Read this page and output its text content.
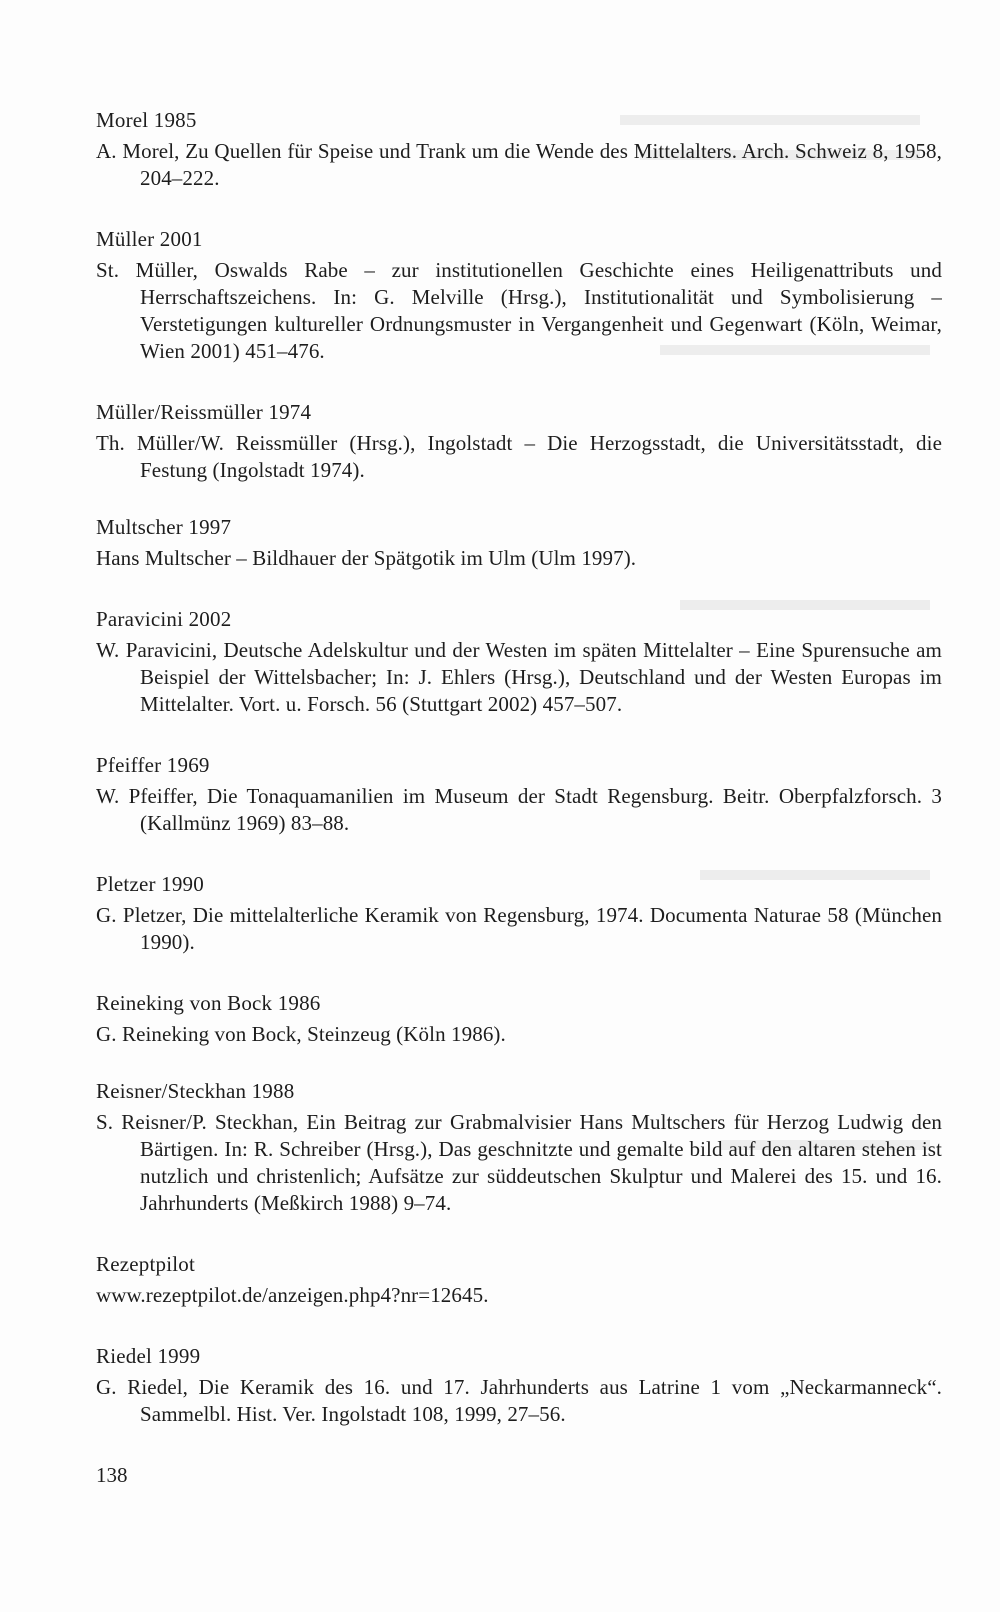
Morel 1985
A. Morel, Zu Quellen für Speise und Trank um die Wende des Mittelalters. Arch. Schweiz 8, 1958, 204–222.
Müller 2001
St. Müller, Oswalds Rabe – zur institutionellen Geschichte eines Heiligenattributs und Herrschaftszeichens. In: G. Melville (Hrsg.), Institutionalität und Symbolisierung – Verstetigungen kultureller Ordnungsmuster in Vergangenheit und Gegenwart (Köln, Weimar, Wien 2001) 451–476.
Müller/Reissmüller 1974
Th. Müller/W. Reissmüller (Hrsg.), Ingolstadt – Die Herzogsstadt, die Universitätsstadt, die Festung (Ingolstadt 1974).
Multscher 1997
Hans Multscher – Bildhauer der Spätgotik im Ulm (Ulm 1997).
Paravicini 2002
W. Paravicini, Deutsche Adelskultur und der Westen im späten Mittelalter – Eine Spurensuche am Beispiel der Wittelsbacher; In: J. Ehlers (Hrsg.), Deutschland und der Westen Europas im Mittelalter. Vort. u. Forsch. 56 (Stuttgart 2002) 457–507.
Pfeiffer 1969
W. Pfeiffer, Die Tonaquamanilien im Museum der Stadt Regensburg. Beitr. Oberpfalzforsch. 3 (Kallmünz 1969) 83–88.
Pletzer 1990
G. Pletzer, Die mittelalterliche Keramik von Regensburg, 1974. Documenta Naturae 58 (München 1990).
Reineking von Bock 1986
G. Reineking von Bock, Steinzeug (Köln 1986).
Reisner/Steckhan 1988
S. Reisner/P. Steckhan, Ein Beitrag zur Grabmalvisier Hans Multschers für Herzog Ludwig den Bärtigen. In: R. Schreiber (Hrsg.), Das geschnitzte und gemalte bild auf den altaren stehen ist nutzlich und christenlich; Aufsätze zur süddeutschen Skulptur und Malerei des 15. und 16. Jahrhunderts (Meßkirch 1988) 9–74.
Rezeptpilot
www.rezeptpilot.de/anzeigen.php4?nr=12645.
Riedel 1999
G. Riedel, Die Keramik des 16. und 17. Jahrhunderts aus Latrine 1 vom „Neckarmanneck“. Sammelbl. Hist. Ver. Ingolstadt 108, 1999, 27–56.
138
